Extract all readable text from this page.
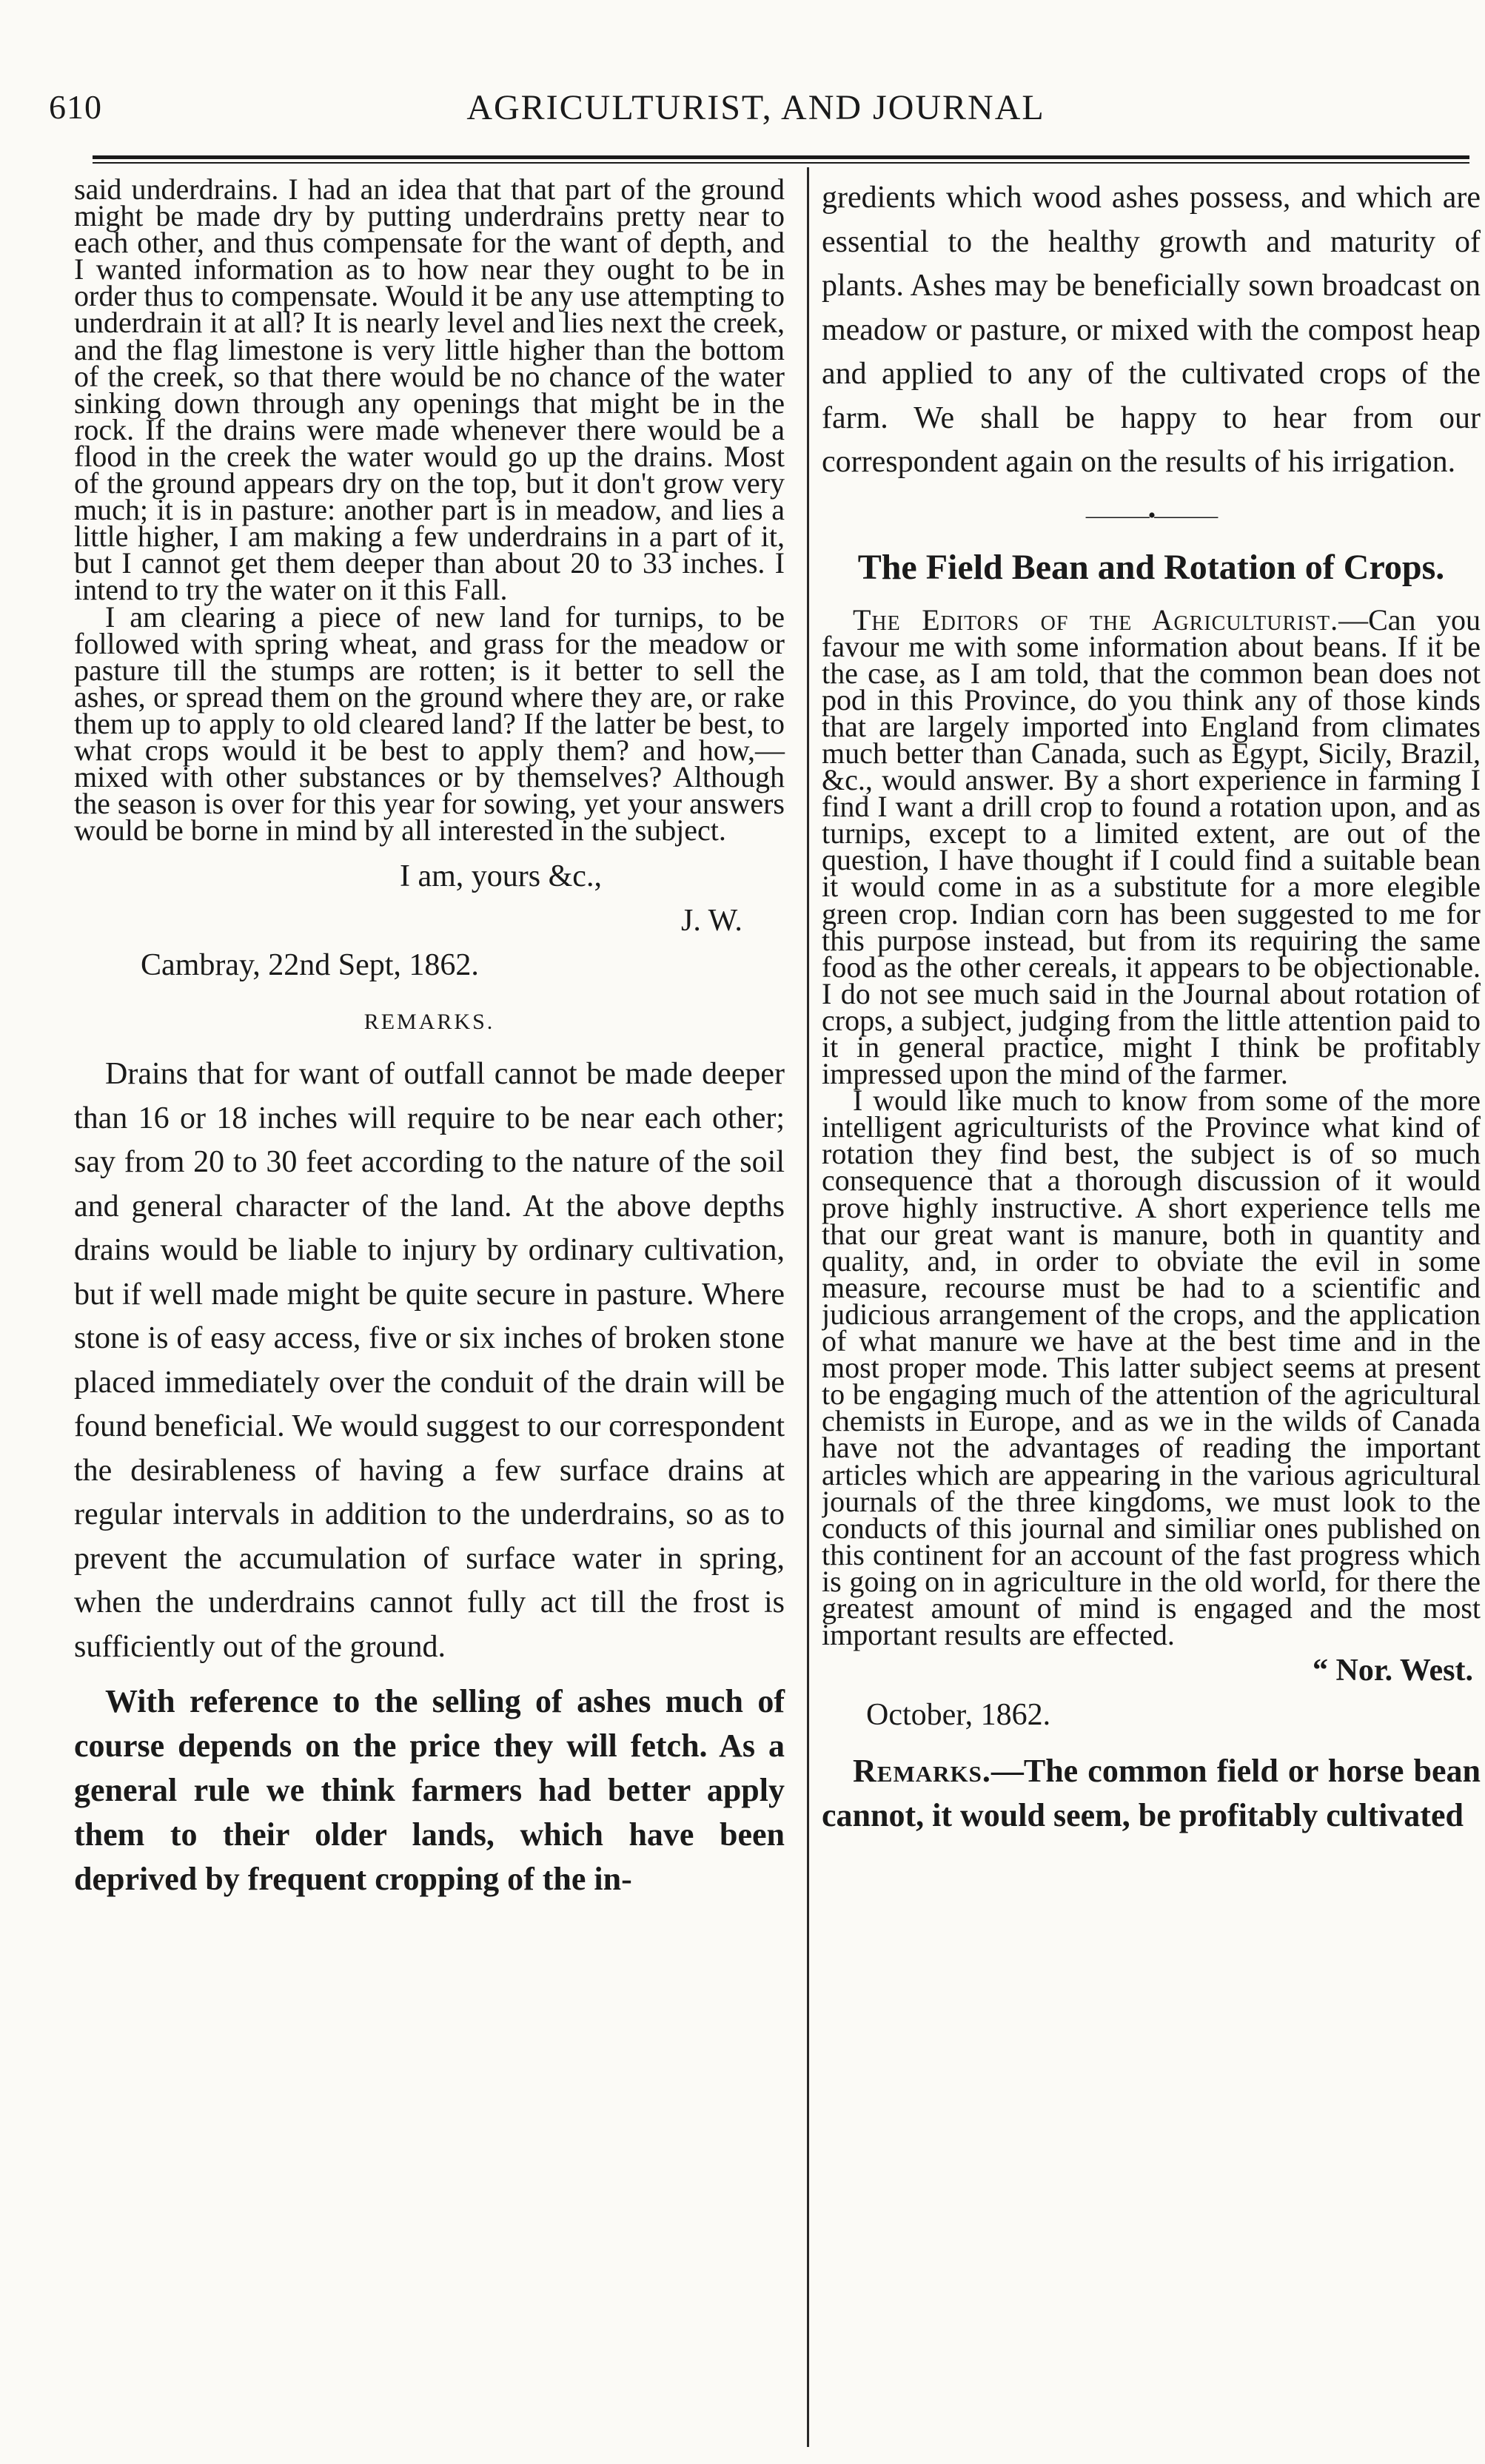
610	AGRICULTURIST, AND JOURNAL

said underdrains. I had an idea that that part of the ground might be made dry by putting underdrains pretty near to each other, and thus compensate for the want of depth, and I wanted information as to how near they ought to be in order thus to compensate. Would it be any use attempting to underdrain it at all? It is nearly level and lies next the creek, and the flag limestone is very little higher than the bottom of the creek, so that there would be no chance of the water sinking down through any openings that might be in the rock. If the drains were made whenever there would be a flood in the creek the water would go up the drains. Most of the ground appears dry on the top, but it don't grow very much; it is in pasture: another part is in meadow, and lies a little higher, I am making a few underdrains in a part of it, but I cannot get them deeper than about 20 to 33 inches. I intend to try the water on it this Fall.

I am clearing a piece of new land for turnips, to be followed with spring wheat, and grass for the meadow or pasture till the stumps are rotten; is it better to sell the ashes, or spread them on the ground where they are, or rake them up to apply to old cleared land? If the latter be best, to what crops would it be best to apply them? and how,—mixed with other substances or by themselves? Although the season is over for this year for sowing, yet your answers would be borne in mind by all interested in the subject.

I am, yours &c.,
J. W.
Cambray, 22nd Sept, 1862.
REMARKS.

Drains that for want of outfall cannot be made deeper than 16 or 18 inches will require to be near each other; say from 20 to 30 feet according to the nature of the soil and general character of the land. At the above depths drains would be liable to injury by ordinary cultivation, but if well made might be quite secure in pasture. Where stone is of easy access, five or six inches of broken stone placed immediately over the conduit of the drain will be found beneficial. We would suggest to our correspondent the desirableness of having a few surface drains at regular intervals in addition to the underdrains, so as to prevent the accumulation of surface water in spring, when the underdrains cannot fully act till the frost is sufficiently out of the ground.

With reference to the selling of ashes much of course depends on the price they will fetch. As a general rule we think farmers had better apply them to their older lands, which have been deprived by frequent cropping of the in-

gredients which wood ashes possess, and which are essential to the healthy growth and maturity of plants. Ashes may be beneficially sown broadcast on meadow or pasture, or mixed with the compost heap and applied to any of the cultivated crops of the farm. We shall be happy to hear from our correspondent again on the results of his irrigation.

———•———
The Field Bean and Rotation of Crops.

The Editors of the Agriculturist.—Can you favour me with some information about beans. If it be the case, as I am told, that the common bean does not pod in this Province, do you think any of those kinds that are largely imported into England from climates much better than Canada, such as Egypt, Sicily, Brazil, &c., would answer. By a short experience in farming I find I want a drill crop to found a rotation upon, and as turnips, except to a limited extent, are out of the question, I have thought if I could find a suitable bean it would come in as a substitute for a more elegible green crop. Indian corn has been suggested to me for this purpose instead, but from its requiring the same food as the other cereals, it appears to be objectionable. I do not see much said in the Journal about rotation of crops, a subject, judging from the little attention paid to it in general practice, might I think be profitably impressed upon the mind of the farmer.

I would like much to know from some of the more intelligent agriculturists of the Province what kind of rotation they find best, the subject is of so much consequence that a thorough discussion of it would prove highly instructive. A short experience tells me that our great want is manure, both in quantity and quality, and, in order to obviate the evil in some measure, recourse must be had to a scientific and judicious arrangement of the crops, and the application of what manure we have at the best time and in the most proper mode. This latter subject seems at present to be engaging much of the attention of the agricultural chemists in Europe, and as we in the wilds of Canada have not the advantages of reading the important articles which are appearing in the various agricultural journals of the three kingdoms, we must look to the conducts of this journal and similiar ones published on this continent for an account of the fast progress which is going on in agriculture in the old world, for there the greatest amount of mind is engaged and the most important results are effected.

“ Nor. West.
October, 1862.

Remarks.—The common field or horse bean cannot, it would seem, be profitably cultivated
